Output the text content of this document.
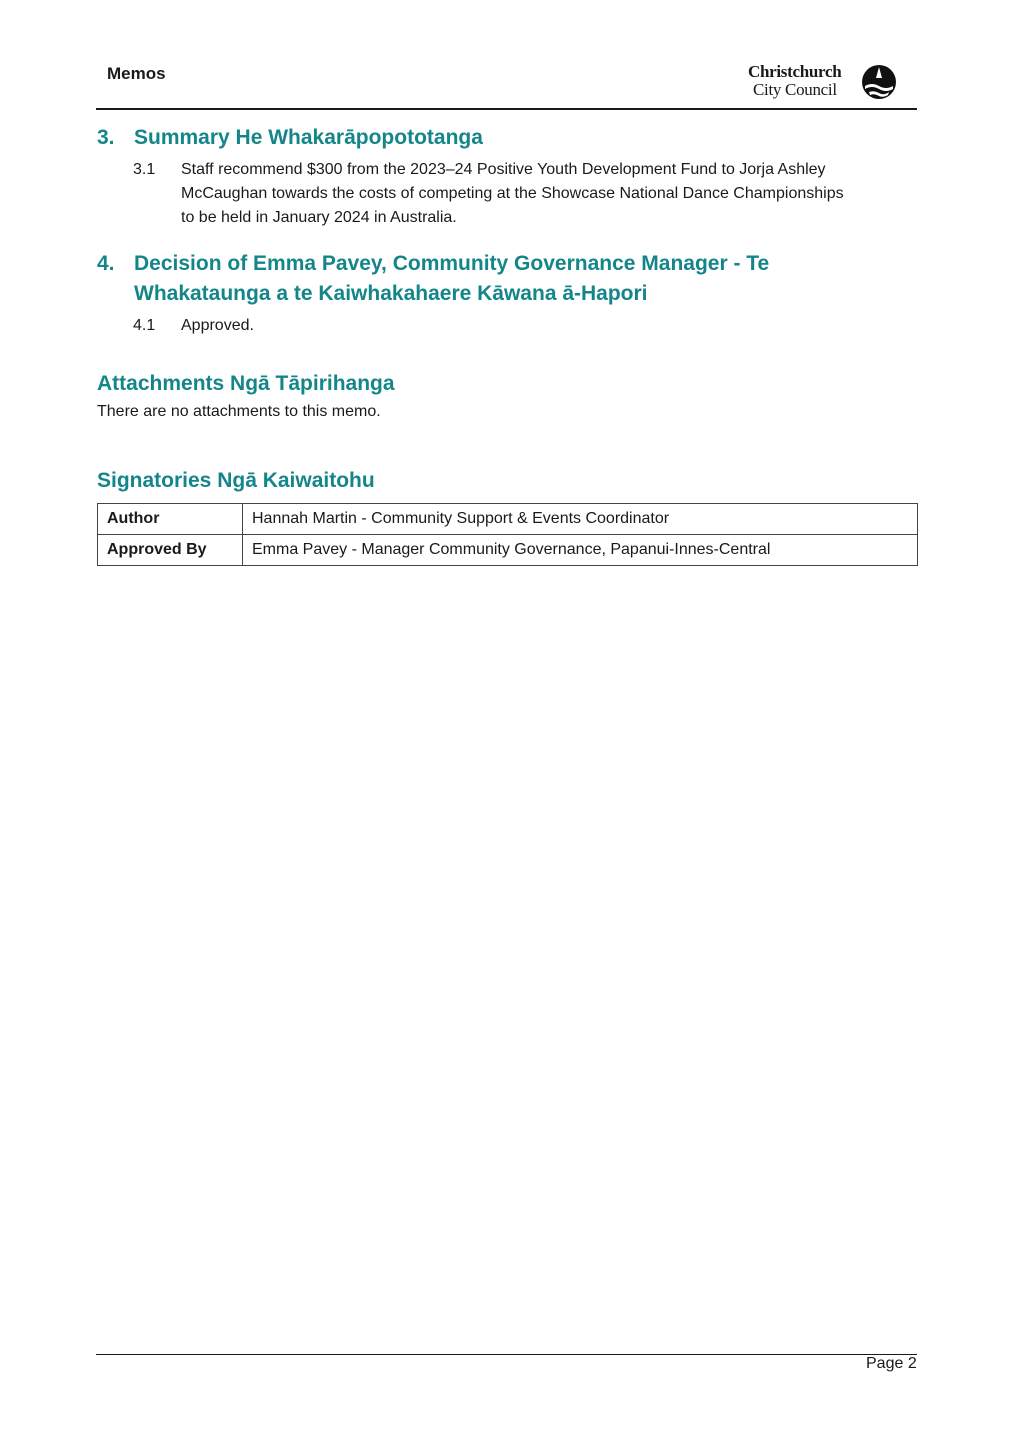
Memos	Christchurch
City Council
3. Summary He Whakarāpopototanga
3.1 Staff recommend $300 from the 2023–24 Positive Youth Development Fund to Jorja Ashley
McCaughan towards the costs of competing at the Showcase National Dance Championships
to be held in January 2024 in Australia.
4. Decision of Emma Pavey, Community Governance Manager - Te
Whakataunga a te Kaiwhakahaere Kāwana ā-Hapori
4.1 Approved.
Attachments Ngā Tāpirihanga
There are no attachments to this memo.
Signatories Ngā Kaiwaitohu
Author	Hannah Martin - Community Support & Events Coordinator
Approved By	Emma Pavey - Manager Community Governance, Papanui-Innes-Central
Page 2
